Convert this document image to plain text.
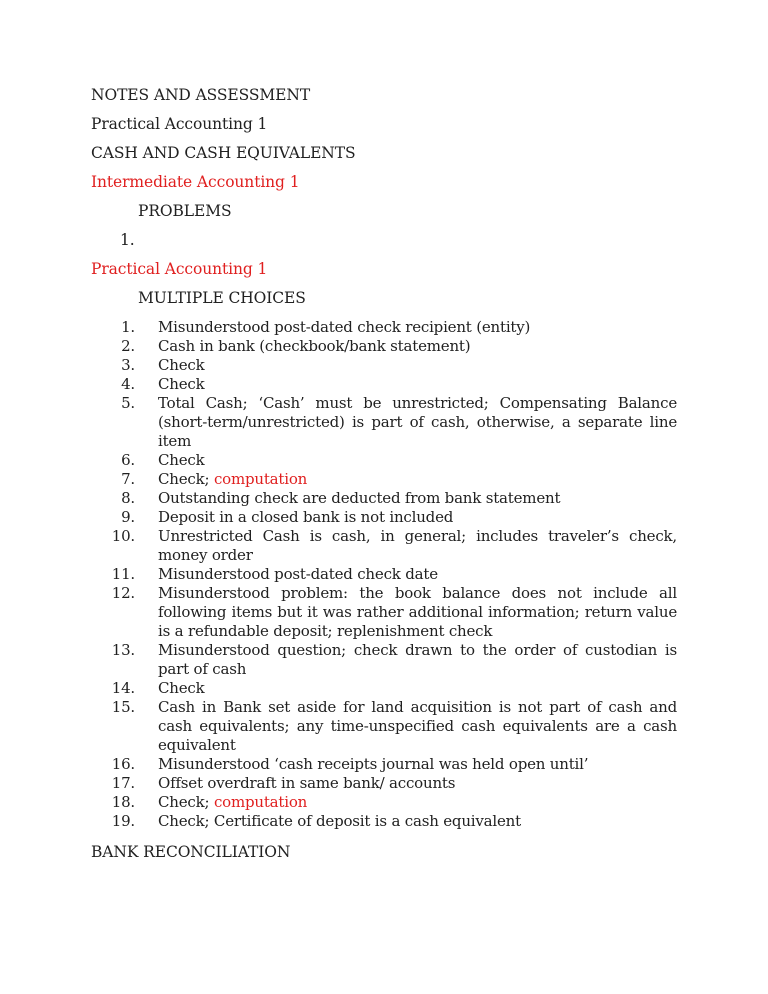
NOTES AND ASSESSMENT
Practical Accounting 1
CASH AND CASH EQUIVALENTS
Intermediate Accounting 1
PROBLEMS
1.
Practical Accounting 1
MULTIPLE CHOICES
1. Misunderstood post-dated check recipient (entity)
2. Cash in bank (checkbook/bank statement)
3. Check
4. Check
5. Total Cash; ‘Cash’ must be unrestricted; Compensating Balance (short-term/unrestricted) is part of cash, otherwise, a separate line item
6. Check
7. Check; computation
8. Outstanding check are deducted from bank statement
9. Deposit in a closed bank is not included
10. Unrestricted Cash is cash, in general; includes traveler’s check, money order
11. Misunderstood post-dated check date
12. Misunderstood problem: the book balance does not include all following items but it was rather additional information; return value is a refundable deposit; replenishment check
13. Misunderstood question; check drawn to the order of custodian is part of cash
14. Check
15. Cash in Bank set aside for land acquisition is not part of cash and cash equivalents; any time-unspecified cash equivalents are a cash equivalent
16. Misunderstood ‘cash receipts journal was held open until’
17. Offset overdraft in same bank/ accounts
18. Check; computation
19. Check; Certificate of deposit is a cash equivalent
BANK RECONCILIATION
